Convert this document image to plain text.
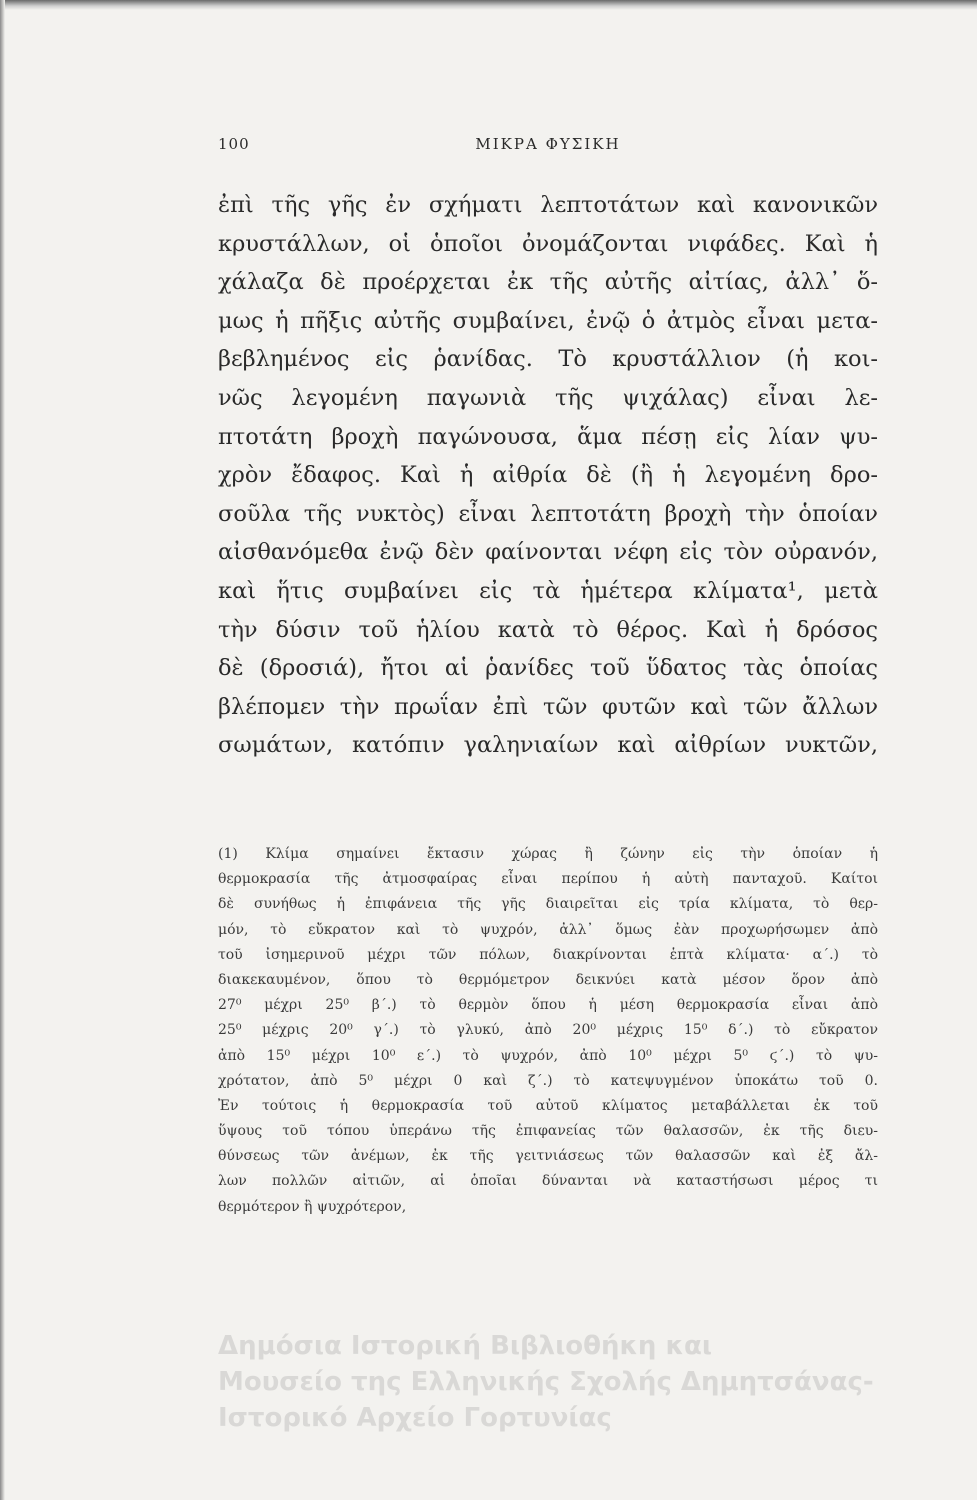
100	ΜΙΚΡΑ ΦΥΣΙΚΗ
ἐπὶ τῆς γῆς ἐν σχήματι λεπτοτάτων καὶ κανονικῶν
κρυστάλλων, οἱ ὁποῖοι ὀνομάζονται νιφάδες. Καὶ ἡ
χάλαζα δὲ προέρχεται ἐκ τῆς αὐτῆς αἰτίας, ἀλλ᾽ ὅ-
μως ἡ πῆξις αὐτῆς συμβαίνει, ἐνῷ ὁ ἀτμὸς εἶναι μετα-
βεβλημένος εἰς ῥανίδας. Τὸ κρυστάλλιον (ἡ κοι-
νῶς λεγομένη παγωνιὰ τῆς ψιχάλας) εἶναι λε-
πτοτάτη βροχὴ παγώνουσα, ἅμα πέσῃ εἰς λίαν ψυ-
χρὸν ἔδαφος. Καὶ ἡ αἰθρία δὲ (ἢ ἡ λεγομένη δρο-
σοῦλα τῆς νυκτὸς) εἶναι λεπτοτάτη βροχὴ τὴν ὁποίαν
αἰσθανόμεθα ἐνῷ δὲν φαίνονται νέφη εἰς τὸν οὐρανόν,
καὶ ἥτις συμβαίνει εἰς τὰ ἡμέτερα κλίματα¹, μετὰ
τὴν δύσιν τοῦ ἡλίου κατὰ τὸ θέρος. Καὶ ἡ δρόσος
δὲ (δροσιά), ἤτοι αἱ ῥανίδες τοῦ ὕδατος τὰς ὁποίας
βλέπομεν τὴν πρωΐαν ἐπὶ τῶν φυτῶν καὶ τῶν ἄλλων
σωμάτων, κατόπιν γαληνιαίων καὶ αἰθρίων νυκτῶν,
(1) Κλίμα σημαίνει ἔκτασιν χώρας ἢ ζώνην εἰς τὴν ὁποίαν ἡ
θερμοκρασία τῆς ἀτμοσφαίρας εἶναι περίπου ἡ αὐτὴ πανταχοῦ. Καίτοι
δὲ συνήθως ἡ ἐπιφάνεια τῆς γῆς διαιρεῖται εἰς τρία κλίματα, τὸ θερ-
μόν, τὸ εὔκρατον καὶ τὸ ψυχρόν, ἀλλ᾽ ὅμως ἐὰν προχωρήσωμεν ἀπὸ
τοῦ ἰσημερινοῦ μέχρι τῶν πόλων, διακρίνονται ἑπτὰ κλίματα· α΄.) τὸ
διακεκαυμένον, ὅπου τὸ θερμόμετρον δεικνύει κατὰ μέσον ὅρον ἀπὸ
27⁰ μέχρι 25⁰ β΄.) τὸ θερμὸν ὅπου ἡ μέση θερμοκρασία εἶναι ἀπὸ
25⁰ μέχρις 20⁰ γ΄.) τὸ γλυκύ, ἀπὸ 20⁰ μέχρις 15⁰ δ΄.) τὸ εὔκρατον
ἀπὸ 15⁰ μέχρι 10⁰ ε΄.) τὸ ψυχρόν, ἀπὸ 10⁰ μέχρι 5⁰ ϛ΄.) τὸ ψυ-
χρότατον, ἀπὸ 5⁰ μέχρι 0 καὶ ζ΄.) τὸ κατεψυγμένον ὑποκάτω τοῦ 0.
Ἐν τούτοις ἡ θερμοκρασία τοῦ αὐτοῦ κλίματος μεταβάλλεται ἐκ τοῦ
ὕψους τοῦ τόπου ὑπεράνω τῆς ἐπιφανείας τῶν θαλασσῶν, ἐκ τῆς διευ-
θύνσεως τῶν ἀνέμων, ἐκ τῆς γειτνιάσεως τῶν θαλασσῶν καὶ ἐξ ἄλ-
λων πολλῶν αἰτιῶν, αἱ ὁποῖαι δύνανται νὰ καταστήσωσι μέρος τι
θερμότερον ἢ ψυχρότερον,
Δημόσια Ιστορική Βιβλιοθήκη και
Μουσείο της Ελληνικής Σχολής Δημητσάνας-
Ιστορικό Αρχείο Γορτυνίας
